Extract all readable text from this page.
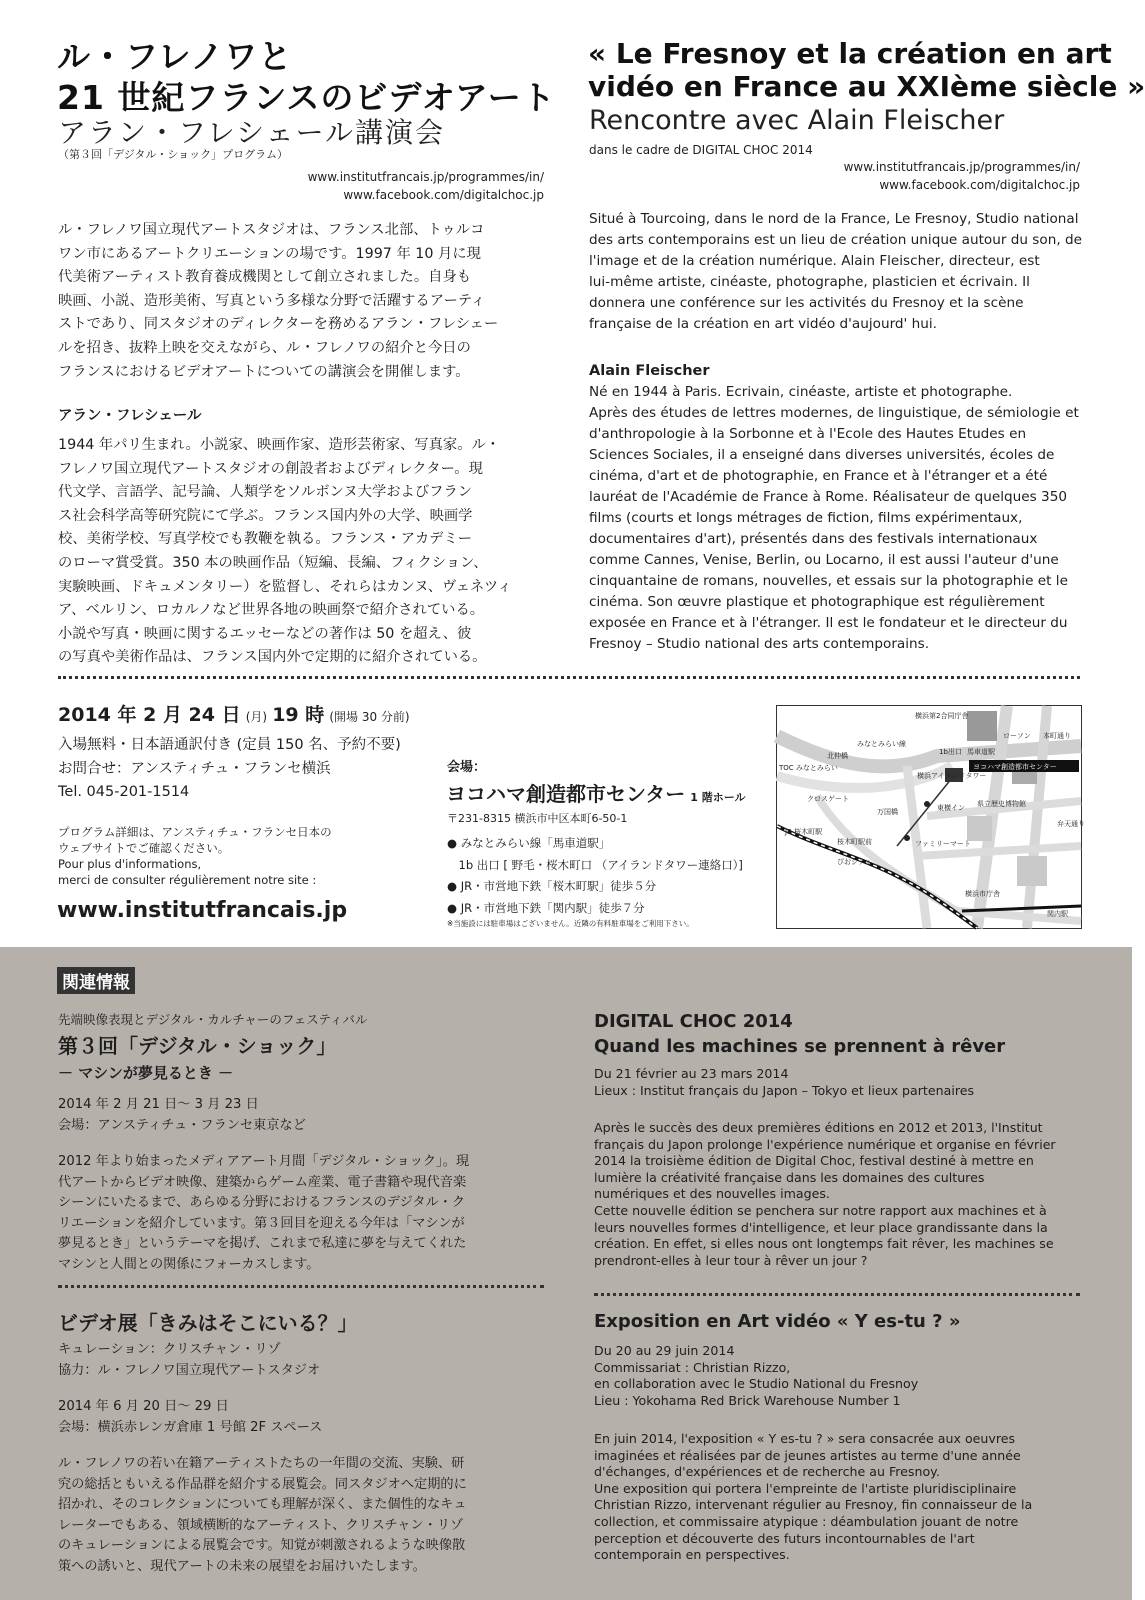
ル・フレノワと
21 世紀フランスのビデオアート
アラン・フレシェール講演会
（第３回「デジタル・ショック」プログラム）
www.institutfrancais.jp/programmes/in/
www.facebook.com/digitalchoc.jp
« Le Fresnoy et la création en art
vidéo en France au XXIème siècle »
Rencontre avec Alain Fleischer
dans le cadre de DIGITAL CHOC 2014
www.institutfrancais.jp/programmes/in/
www.facebook.com/digitalchoc.jp
ル・フレノワ国立現代アートスタジオは、フランス北部、トゥルコ
ワン市にあるアートクリエーションの場です。1997 年 10 月に現
代美術アーティスト教育養成機関として創立されました。自身も
映画、小説、造形美術、写真という多様な分野で活躍するアーティ
ストであり、同スタジオのディレクターを務めるアラン・フレシェー
ルを招き、抜粋上映を交えながら、ル・フレノワの紹介と今日の
フランスにおけるビデオアートについての講演会を開催します。
アラン・フレシェール
1944 年パリ生まれ。小説家、映画作家、造形芸術家、写真家。ル・
フレノワ国立現代アートスタジオの創設者およびディレクター。現
代文学、言語学、記号論、人類学をソルボンヌ大学およびフラン
ス社会科学高等研究院にて学ぶ。フランス国内外の大学、映画学
校、美術学校、写真学校でも教鞭を執る。フランス・アカデミー
のローマ賞受賞。350 本の映画作品（短編、長編、フィクション、
実験映画、ドキュメンタリー）を監督し、それらはカンヌ、ヴェネツィ
ア、ベルリン、ロカルノなど世界各地の映画祭で紹介されている。
小説や写真・映画に関するエッセーなどの著作は 50 を超え、彼
の写真や美術作品は、フランス国内外で定期的に紹介されている。
Situé à Tourcoing, dans le nord de la France, Le Fresnoy, Studio national
des arts contemporains est un lieu de création unique autour du son, de
l'image et de la création numérique. Alain Fleischer, directeur, est
lui-même artiste, cinéaste, photographe, plasticien et écrivain. Il
donnera une conférence sur les activités du Fresnoy et la scène
française de la création en art vidéo d'aujourd' hui.
Alain Fleischer
Né en 1944 à Paris. Ecrivain, cinéaste, artiste et photographe.
Après des études de lettres modernes, de linguistique, de sémiologie et
d'anthropologie à la Sorbonne et à l'Ecole des Hautes Etudes en
Sciences Sociales, il a enseigné dans diverses universités, écoles de
cinéma, d'art et de photographie, en France et à l'étranger et a été
lauréat de l'Académie de France à Rome. Réalisateur de quelques 350
films (courts et longs métrages de fiction, films expérimentaux,
documentaires d'art), présentés dans des festivals internationaux
comme Cannes, Venise, Berlin, ou Locarno, il est aussi l'auteur d'une
cinquantaine de romans, nouvelles, et essais sur la photographie et le
cinéma. Son œuvre plastique et photographique est régulièrement
exposée en France et à l'étranger. Il est le fondateur et le directeur du
Fresnoy – Studio national des arts contemporains.
2014 年 2 月 24 日 (月) 19 時 (開場 30 分前)
入場無料・日本語通訳付き (定員 150 名、予約不要)
お問合せ：アンスティチュ・フランセ横浜
Tel. 045-201-1514
プログラム詳細は、アンスティチュ・フランセ日本の
ウェブサイトでご確認ください。
Pour plus d'informations,
merci de consulter régulièrement notre site :
www.institutfrancais.jp
会場：
ヨコハマ創造都市センター 1 階ホール
〒231-8315 横浜市中区本町6-50-1
● みなとみらい線「馬車道駅」
　1b 出口 [ 野毛・桜木町口 （アイランドタワー連絡口）]
● JR・市営地下鉄「桜木町駅」徒歩５分
● JR・市営地下鉄「関内駅」徒歩７分
※当施設には駐車場はございません。近隣の有料駐車場をご利用下さい。
ヨコハマ創造都市センター
横浜第2合同庁舎
ローソン 本町通り
1b出口 馬車道駅
北仲橋
みなとみらい線
TOC みなとみらい
横浜アイランドタワー
クロスゲート
東横イン 県立歴史博物館
ファミリーマート
JR 桜木町駅
桜木町駅前
ぴおシティ
横浜市庁舎
関内駅
弁天通り
万国橋
関連情報
先端映像表現とデジタル・カルチャーのフェスティバル
第３回「デジタル・ショック」
－ マシンが夢見るとき －
2014 年 2 月 21 日〜 3 月 23 日
会場：アンスティチュ・フランセ東京など
2012 年より始まったメディアアート月間「デジタル・ショック」。現
代アートからビデオ映像、建築からゲーム産業、電子書籍や現代音楽
シーンにいたるまで、あらゆる分野におけるフランスのデジタル・ク
リエーションを紹介しています。第３回目を迎える今年は「マシンが
夢見るとき」というテーマを掲げ、これまで私達に夢を与えてくれた
マシンと人間との関係にフォーカスします。
ビデオ展「きみはそこにいる？」
キュレーション：クリスチャン・リゾ
協力：ル・フレノワ国立現代アートスタジオ
2014 年 6 月 20 日〜 29 日
会場：横浜赤レンガ倉庫 1 号館 2F スペース
ル・フレノワの若い在籍アーティストたちの一年間の交流、実験、研
究の総括ともいえる作品群を紹介する展覧会。同スタジオへ定期的に
招かれ、そのコレクションについても理解が深く、また個性的なキュ
レーターでもある、領域横断的なアーティスト、クリスチャン・リゾ
のキュレーションによる展覧会です。知覚が刺激されるような映像散
策への誘いと、現代アートの未来の展望をお届けいたします。
DIGITAL CHOC 2014
Quand les machines se prennent à rêver
Du 21 février au 23 mars 2014
Lieux : Institut français du Japon – Tokyo et lieux partenaires
Après le succès des deux premières éditions en 2012 et 2013, l'Institut
français du Japon prolonge l'expérience numérique et organise en février
2014 la troisième édition de Digital Choc, festival destiné à mettre en
lumière la créativité française dans les domaines des cultures
numériques et des nouvelles images.
Cette nouvelle édition se penchera sur notre rapport aux machines et à
leurs nouvelles formes d'intelligence, et leur place grandissante dans la
création. En effet, si elles nous ont longtemps fait rêver, les machines se
prendront-elles à leur tour à rêver un jour ?
Exposition en Art vidéo « Y es-tu ? »
Du 20 au 29 juin 2014
Commissariat : Christian Rizzo,
en collaboration avec le Studio National du Fresnoy
Lieu : Yokohama Red Brick Warehouse Number 1
En juin 2014, l'exposition « Y es-tu ? » sera consacrée aux oeuvres
imaginées et réalisées par de jeunes artistes au terme d'une année
d'échanges, d'expériences et de recherche au Fresnoy.
Une exposition qui portera l'empreinte de l'artiste pluridisciplinaire
Christian Rizzo, intervenant régulier au Fresnoy, fin connaisseur de la
collection, et commissaire atypique : déambulation jouant de notre
perception et découverte des futurs incontournables de l'art
contemporain en perspectives.
